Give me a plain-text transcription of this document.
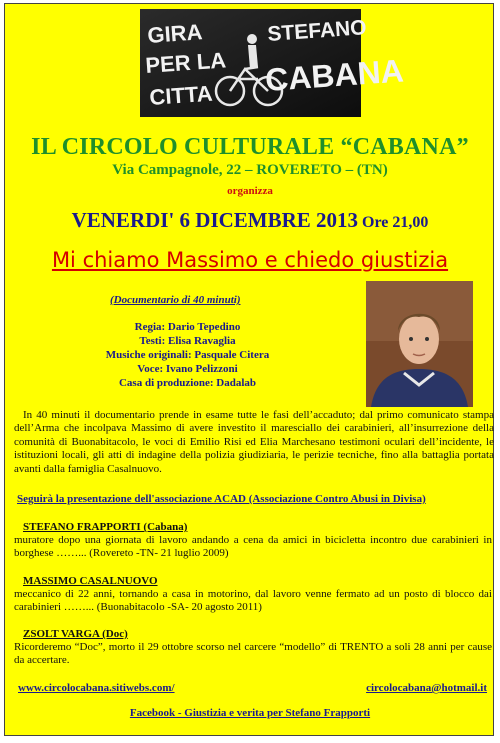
GIRA
PER LA
CITTA
STEFANO
CABANA
IL CIRCOLO CULTURALE “CABANA”
Via Campagnole, 22 – ROVERETO – (TN)
organizza
VENERDI' 6 DICEMBRE 2013 Ore 21,00
Mi chiamo Massimo e chiedo giustizia
(Documentario di 40 minuti)
Regia: Dario Tepedino
Testi: Elisa Ravaglia
Musiche originali: Pasquale Citera
Voce: Ivano Pelizzoni
Casa di produzione: Dadalab
In 40 minuti il documentario prende in esame tutte le fasi dell’accaduto; dal primo comunicato stampa dell’Arma che incolpava Massimo di avere investito il maresciallo dei carabinieri, all’insurrezione della comunità di Buonabitacolo, le voci di Emilio Risi ed Elia Marchesano testimoni oculari dell’incidente, le istituzioni locali, gli atti di indagine della polizia giudiziaria, le perizie tecniche, fino alla battaglia portata avanti dalla famiglia Casalnuovo.
Seguirà la presentazione dell'associazione ACAD (Associazione Contro Abusi in Divisa)
STEFANO FRAPPORTI (Cabana)
muratore dopo una giornata di lavoro andando a cena da amici in bicicletta incontro due carabinieri in borghese ……... (Rovereto -TN- 21 luglio 2009)
MASSIMO CASALNUOVO
meccanico di 22 anni, tornando a casa in motorino, dal lavoro venne fermato ad un posto di blocco dai carabinieri ……... (Buonabitacolo -SA- 20 agosto 2011)
ZSOLT VARGA (Doc)
Ricorderemo “Doc”, morto il 29 ottobre scorso nel carcere “modello” di TRENTO a soli 28 anni per cause da accertare.
www.circolocabana.sitiwebs.com/	circolocabana@hotmail.it
Facebook - Giustizia e verita per Stefano Frapporti
